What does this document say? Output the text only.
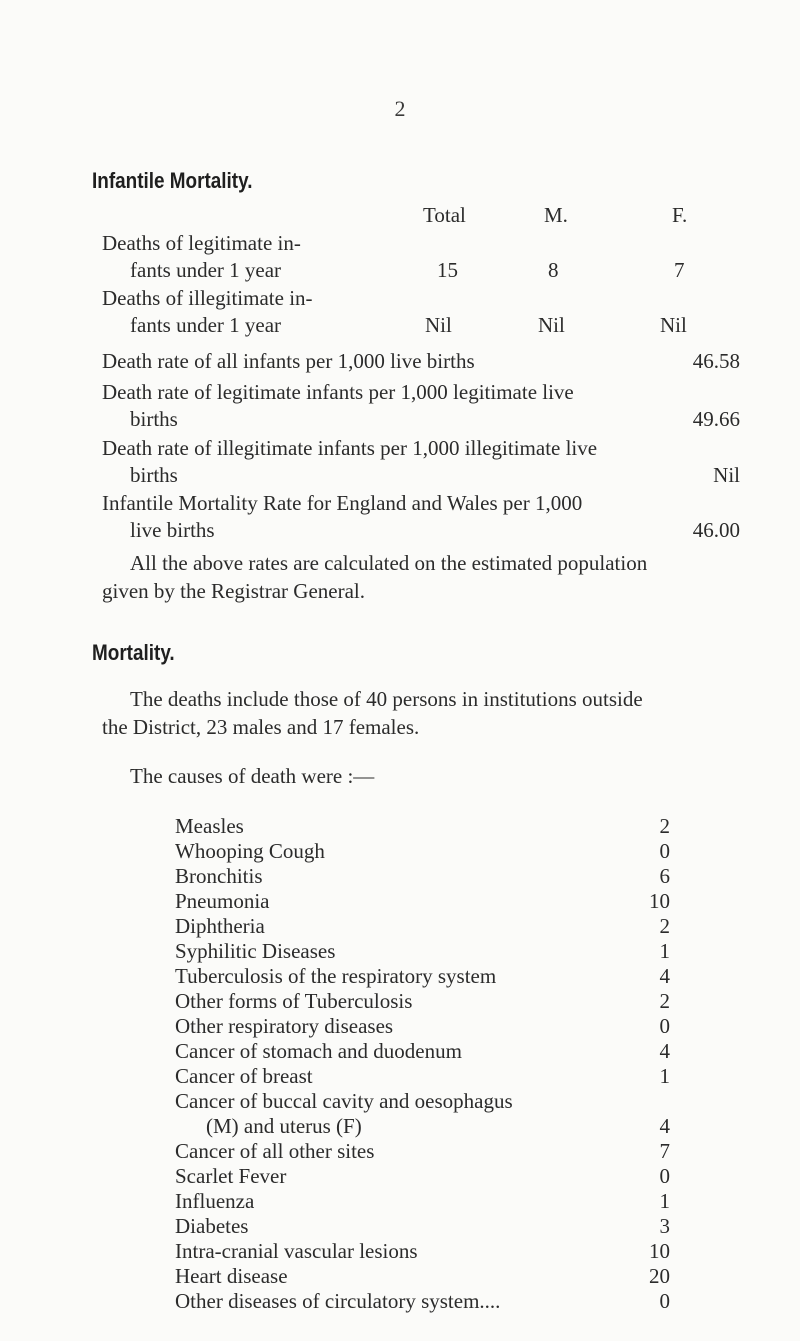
2
Infantile Mortality.
Total	M.	F.
Deaths of legitimate in-
fants under 1 year	15	8	7
Deaths of illegitimate in-
fants under 1 year	Nil	Nil	Nil
Death rate of all infants per 1,000 live births	46.58
Death rate of legitimate infants per 1,000 legitimate live
births	49.66
Death rate of illegitimate infants per 1,000 illegitimate live
births	Nil
Infantile Mortality Rate for England and Wales per 1,000
live births	46.00
All the above rates are calculated on the estimated population
given by the Registrar General.
Mortality.
The deaths include those of 40 persons in institutions outside
the District, 23 males and 17 females.
The causes of death were :—
Measles	2
Whooping Cough	0
Bronchitis	6
Pneumonia	10
Diphtheria	2
Syphilitic Diseases	1
Tuberculosis of the respiratory system	4
Other forms of Tuberculosis	2
Other respiratory diseases	0
Cancer of stomach and duodenum	4
Cancer of breast	1
Cancer of buccal cavity and oesophagus
(M) and uterus (F)	4
Cancer of all other sites	7
Scarlet Fever	0
Influenza	1
Diabetes	3
Intra-cranial vascular lesions	10
Heart disease	20
Other diseases of circulatory system....	0
